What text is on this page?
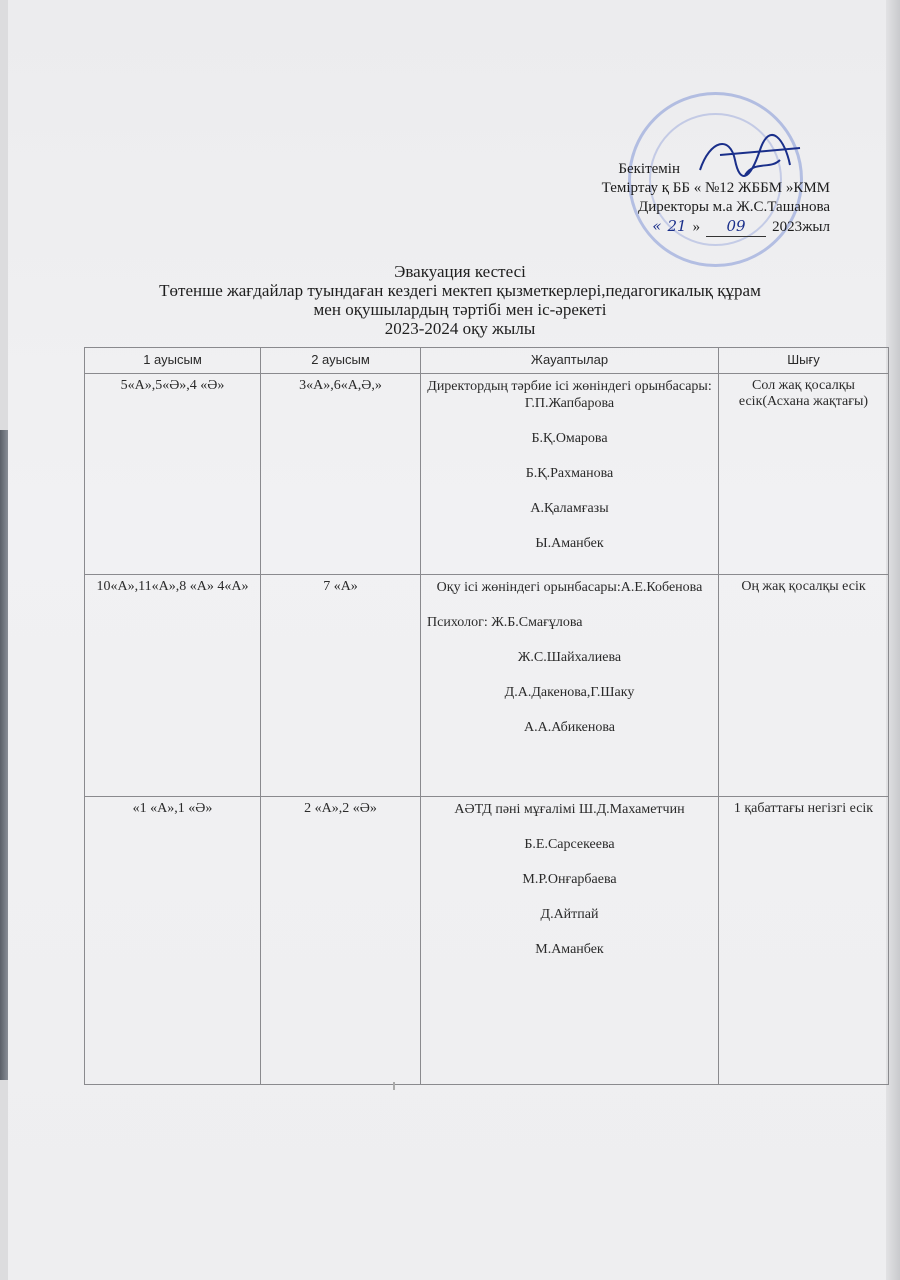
Бекітемін
Теміртау қ ББ « №12 ЖББМ »КММ
Директоры м.а Ж.С.Ташанова
« 21 »	09	2023жыл
Эвакуация кестесі
Төтенше жағдайлар туындаған кездегі мектеп қызметкерлері,педагогикалық құрам
мен оқушылардың тәртібі мен іс-әрекеті
2023-2024 оқу жылы
1 ауысым	2 ауысым	Жауаптылар	Шығу
5«А»,5«Ә»,4 «Ә»	3«А»,6«А,Ә,»	Директордың тәрбие ісі жөніндегі орынбасары: Г.П.Жапбарова

Б.Қ.Омарова

Б.Қ.Рахманова

А.Қаламғазы

Ы.Аманбек	Сол жақ қосалқы есік(Асхана жақтағы)
10«А»,11«А»,8 «А» 4«А»	7 «А»	Оқу ісі жөніндегі орынбасары:А.Е.Кобенова

Психолог: Ж.Б.Смағұлова

Ж.С.Шайхалиева

Д.А.Дакенова,Г.Шаку

А.А.Абикенова	Оң жақ қосалқы есік
«1 «А»,1 «Ә»	2 «А»,2 «Ә»	АӘТД пәні мұғалімі Ш.Д.Махаметчин

Б.Е.Сарсекеева

М.Р.Онғарбаева

Д.Айтпай

М.Аманбек	1 қабаттағы негізгі есік
